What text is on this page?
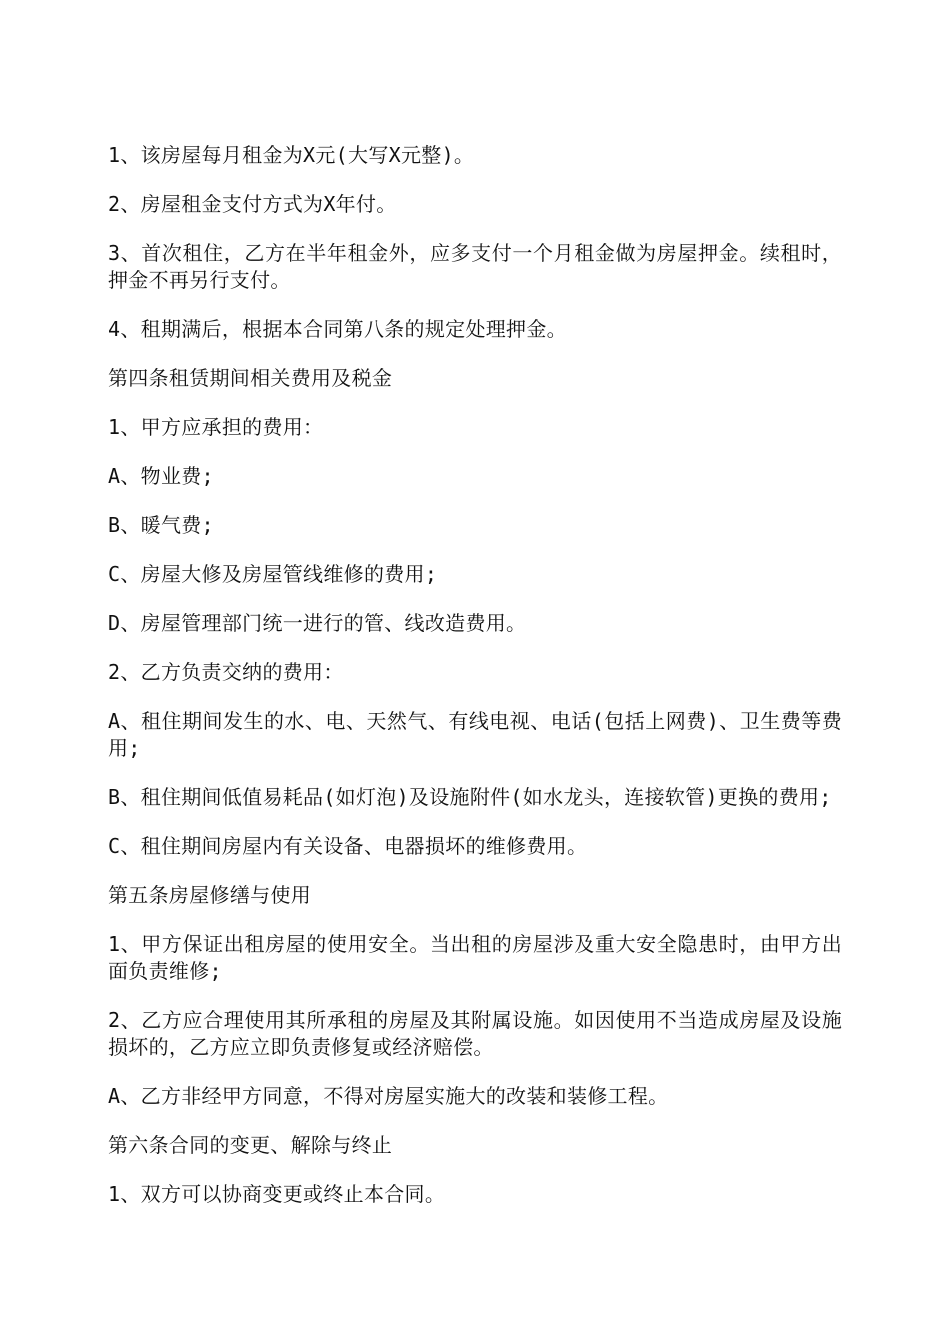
1、该房屋每月租金为X元(大写X元整)。

2、房屋租金支付方式为X年付。

3、首次租住，乙方在半年租金外，应多支付一个月租金做为房屋押金。续租时，押金不再另行支付。

4、租期满后，根据本合同第八条的规定处理押金。

第四条租赁期间相关费用及税金

1、甲方应承担的费用：

A、物业费;

B、暖气费;

C、房屋大修及房屋管线维修的费用;

D、房屋管理部门统一进行的管、线改造费用。

2、乙方负责交纳的费用：

A、租住期间发生的水、电、天然气、有线电视、电话(包括上网费)、卫生费等费用;

B、租住期间低值易耗品(如灯泡)及设施附件(如水龙头，连接软管)更换的费用;

C、租住期间房屋内有关设备、电器损坏的维修费用。

第五条房屋修缮与使用

1、甲方保证出租房屋的使用安全。当出租的房屋涉及重大安全隐患时，由甲方出面负责维修;

2、乙方应合理使用其所承租的房屋及其附属设施。如因使用不当造成房屋及设施损坏的，乙方应立即负责修复或经济赔偿。

A、乙方非经甲方同意，不得对房屋实施大的改装和装修工程。

第六条合同的变更、解除与终止

1、双方可以协商变更或终止本合同。
